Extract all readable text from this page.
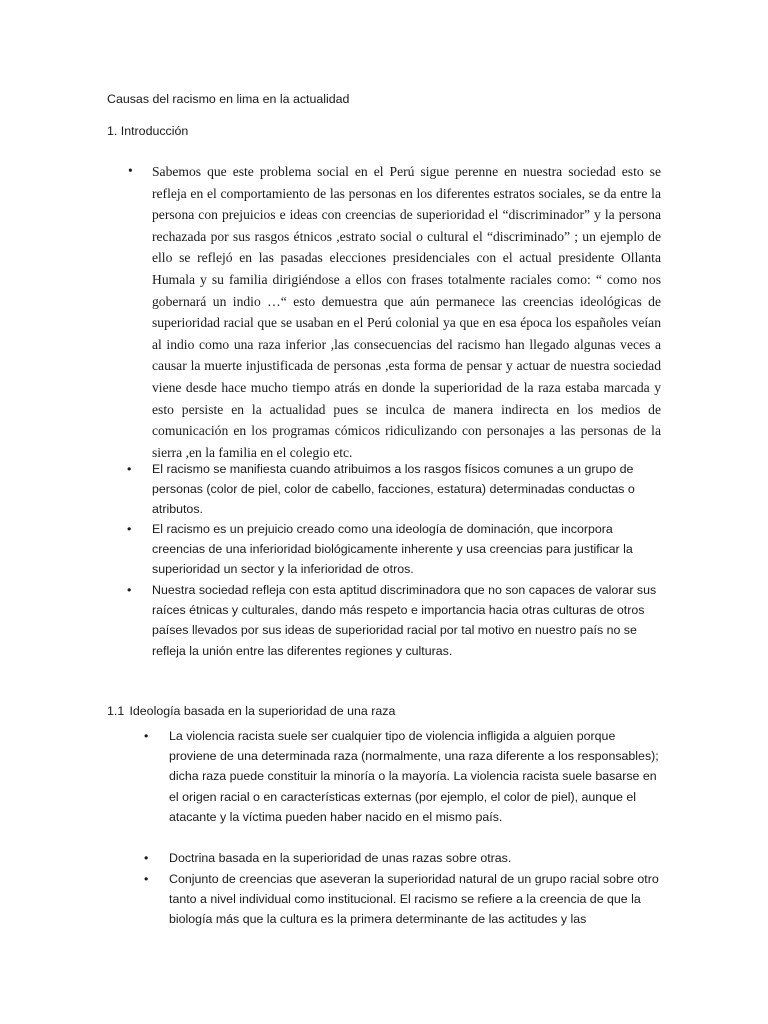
Causas del racismo en lima en la actualidad
1. Introducción
• Sabemos que este problema social en el Perú sigue perenne en nuestra sociedad esto se refleja en el comportamiento de las personas en los diferentes estratos sociales, se da entre la persona con prejuicios e ideas con creencias de superioridad el “discriminador” y la persona rechazada por sus rasgos étnicos ,estrato social o cultural el “discriminado” ; un ejemplo de ello se reflejó en las pasadas elecciones presidenciales con el actual presidente Ollanta Humala y su familia dirigiéndose a ellos con frases totalmente raciales como: “ como nos gobernará un indio …“ esto demuestra que aún permanece las creencias ideológicas de superioridad racial que se usaban en el Perú colonial ya que en esa época los españoles veían al indio como una raza inferior ,las consecuencias del racismo han llegado algunas veces a causar la muerte injustificada de personas ,esta forma de pensar y actuar de nuestra sociedad viene desde hace mucho tiempo atrás en donde la superioridad de la raza estaba marcada y esto persiste en la actualidad pues se inculca de manera indirecta en los medios de comunicación en los programas cómicos ridiculizando con personajes a las personas de la sierra ,en la familia en el colegio etc.
• El racismo se manifiesta cuando atribuimos a los rasgos físicos comunes a un grupo de personas (color de piel, color de cabello, facciones, estatura) determinadas conductas o atributos.
• El racismo es un prejuicio creado como una ideología de dominación, que incorpora creencias de una inferioridad biológicamente inherente y usa creencias para justificar la superioridad un sector y la inferioridad de otros.
• Nuestra sociedad refleja con esta aptitud discriminadora que no son capaces de valorar sus raíces étnicas y culturales, dando más respeto e importancia hacia otras culturas de otros países llevados por sus ideas de superioridad racial por tal motivo en nuestro país no se refleja la unión entre las diferentes regiones y culturas.
1.1 Ideología basada en la superioridad de una raza
• La violencia racista suele ser cualquier tipo de violencia infligida a alguien porque proviene de una determinada raza (normalmente, una raza diferente a los responsables); dicha raza puede constituir la minoría o la mayoría. La violencia racista suele basarse en el origen racial o en características externas (por ejemplo, el color de piel), aunque el atacante y la víctima pueden haber nacido en el mismo país.
• Doctrina basada en la superioridad de unas razas sobre otras.
• Conjunto de creencias que aseveran la superioridad natural de un grupo racial sobre otro tanto a nivel individual como institucional. El racismo se refiere a la creencia de que la biología más que la cultura es la primera determinante de las actitudes y las
